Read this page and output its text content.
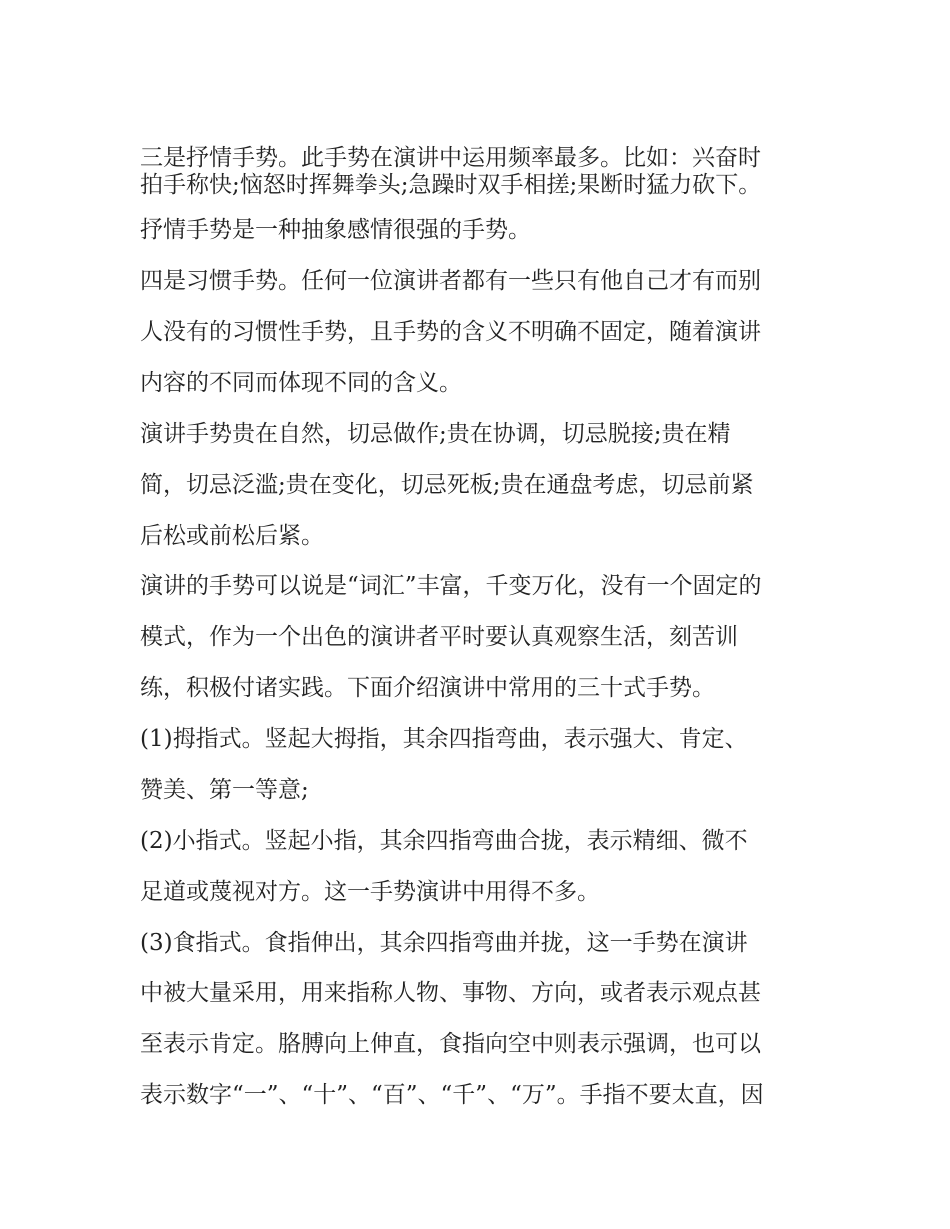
三是抒情手势。此手势在演讲中运用频率最多。比如：兴奋时

拍手称快;恼怒时挥舞拳头;急躁时双手相搓;果断时猛力砍下。

抒情手势是一种抽象感情很强的手势。

四是习惯手势。任何一位演讲者都有一些只有他自己才有而别

人没有的习惯性手势，且手势的含义不明确不固定，随着演讲

内容的不同而体现不同的含义。

演讲手势贵在自然，切忌做作;贵在协调，切忌脱接;贵在精

简，切忌泛滥;贵在变化，切忌死板;贵在通盘考虑，切忌前紧

后松或前松后紧。

演讲的手势可以说是“词汇”丰富，千变万化，没有一个固定的

模式，作为一个出色的演讲者平时要认真观察生活，刻苦训

练，积极付诸实践。下面介绍演讲中常用的三十式手势。

(1)拇指式。竖起大拇指，其余四指弯曲，表示强大、肯定、

赞美、第一等意;

(2)小指式。竖起小指，其余四指弯曲合拢，表示精细、微不

足道或蔑视对方。这一手势演讲中用得不多。

(3)食指式。食指伸出，其余四指弯曲并拢，这一手势在演讲

中被大量采用，用来指称人物、事物、方向，或者表示观点甚

至表示肯定。胳膊向上伸直，食指向空中则表示强调，也可以

表示数字“一”、“十”、“百”、“千”、“万”。手指不要太直，因
